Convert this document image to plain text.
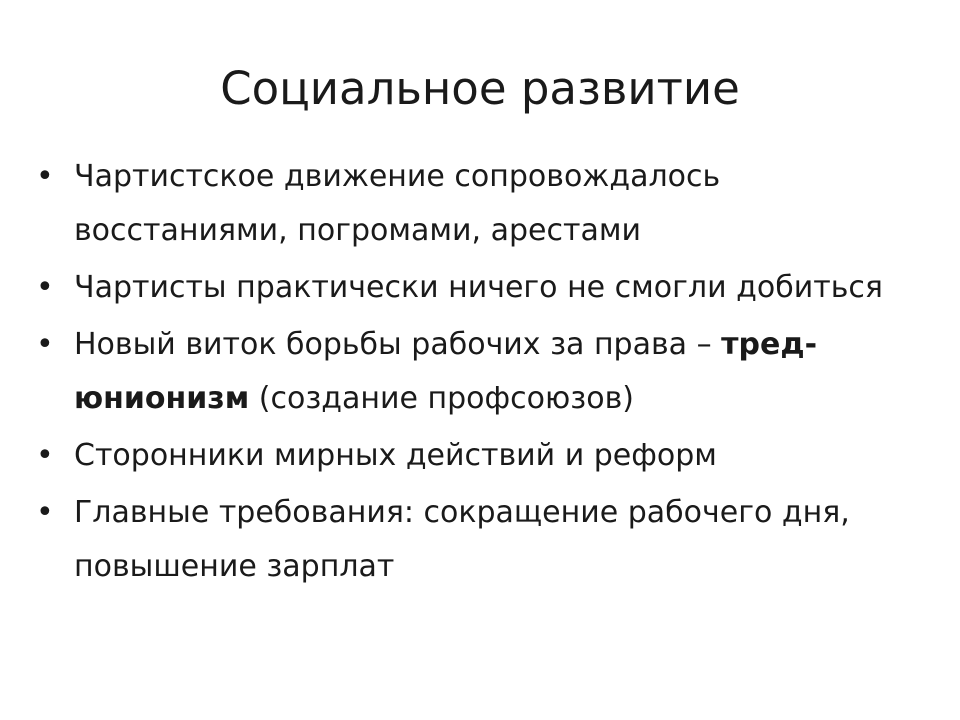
Социальное развитие
• Чартистское движение сопровождалось восстаниями, погромами, арестами
• Чартисты практически ничего не смогли добиться
• Новый виток борьбы рабочих за права – тред-юнионизм (создание профсоюзов)
• Сторонники мирных действий и реформ
• Главные требования: сокращение рабочего дня, повышение зарплат
